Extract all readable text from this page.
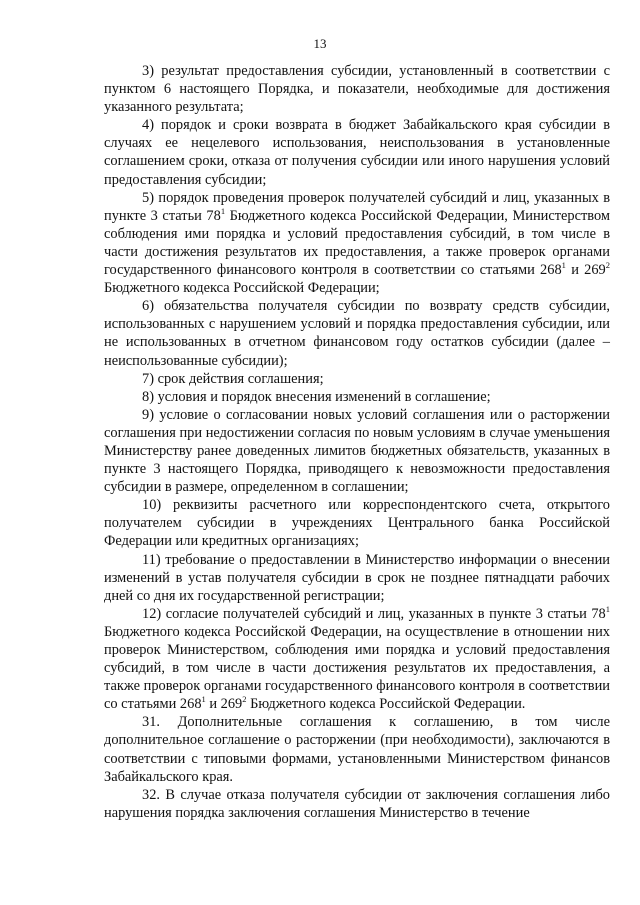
13

3) результат предоставления субсидии, установленный в соответствии с пунктом 6 настоящего Порядка, и показатели, необходимые для достижения указанного результата;

4) порядок и сроки возврата в бюджет Забайкальского края субсидии в случаях ее нецелевого использования, неиспользования в установленные соглашением сроки, отказа от получения субсидии или иного нарушения условий предоставления субсидии;

5) порядок проведения проверок получателей субсидий и лиц, указанных в пункте 3 статьи $78^1$ Бюджетного кодекса Российской Федерации, Министерством соблюдения ими порядка и условий предоставления субсидий, в том числе в части достижения результатов их предоставления, а также проверок органами государственного финансового контроля в соответствии со статьями $268^1$ и $269^2$ Бюджетного кодекса Российской Федерации;

6) обязательства получателя субсидии по возврату средств субсидии, использованных с нарушением условий и порядка предоставления субсидии, или не использованных в отчетном финансовом году остатков субсидии (далее – неиспользованные субсидии);

7) срок действия соглашения;

8) условия и порядок внесения изменений в соглашение;

9) условие о согласовании новых условий соглашения или о расторжении соглашения при недостижении согласия по новым условиям в случае уменьшения Министерству ранее доведенных лимитов бюджетных обязательств, указанных в пункте 3 настоящего Порядка, приводящего к невозможности предоставления субсидии в размере, определенном в соглашении;

10) реквизиты расчетного или корреспондентского счета, открытого получателем субсидии в учреждениях Центрального банка Российской Федерации или кредитных организациях;

11) требование о предоставлении в Министерство информации о внесении изменений в устав получателя субсидии в срок не позднее пятнадцати рабочих дней со дня их государственной регистрации;

12) согласие получателей субсидий и лиц, указанных в пункте 3 статьи $78^1$ Бюджетного кодекса Российской Федерации, на осуществление в отношении них проверок Министерством, соблюдения ими порядка и условий предоставления субсидий, в том числе в части достижения результатов их предоставления, а также проверок органами государственного финансового контроля в соответствии со статьями $268^1$ и $269^2$ Бюджетного кодекса Российской Федерации.

31. Дополнительные соглашения к соглашению, в том числе дополнительное соглашение о расторжении (при необходимости), заключаются в соответствии с типовыми формами, установленными Министерством финансов Забайкальского края.

32. В случае отказа получателя субсидии от заключения соглашения либо нарушения порядка заключения соглашения Министерство в течение
